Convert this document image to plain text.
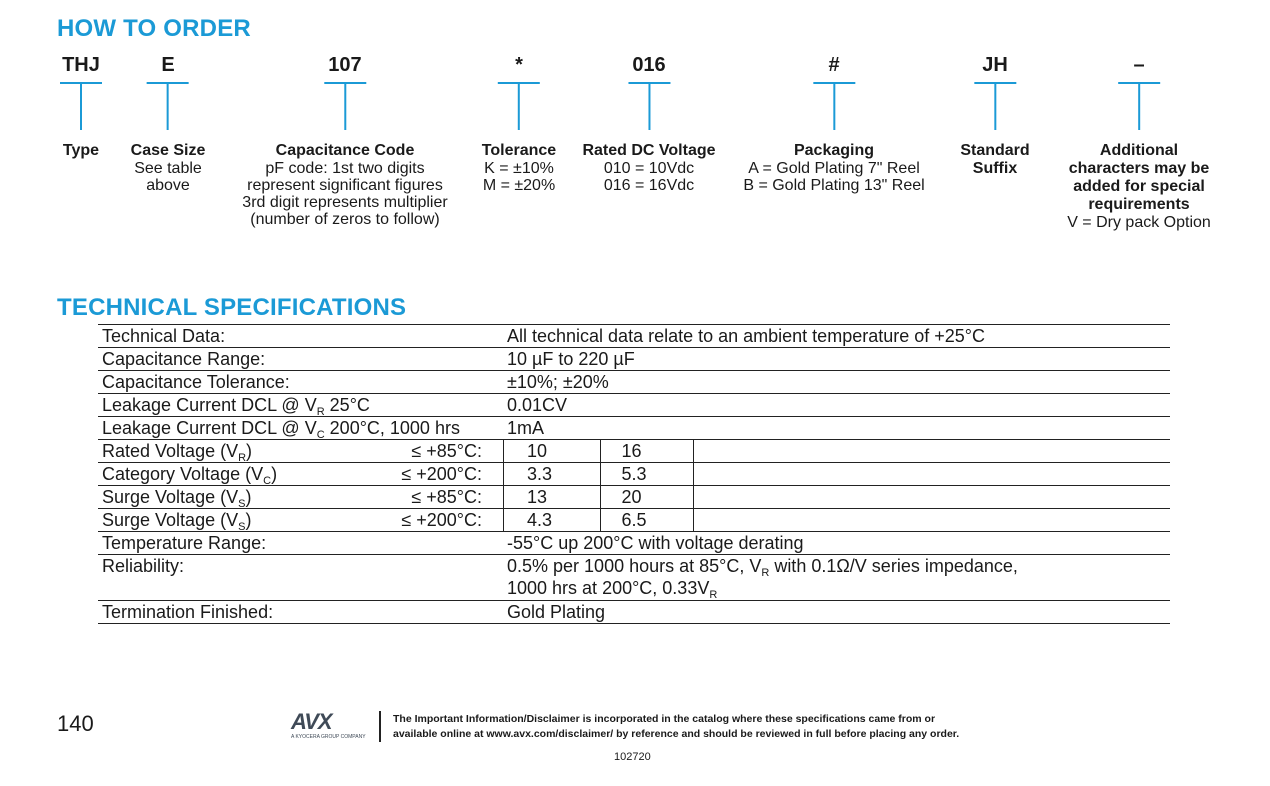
HOW TO ORDER
THJ
Type
E
Case Size
See table
above
107
Capacitance Code
pF code: 1st two digits
represent significant figures
3rd digit represents multiplier
(number of zeros to follow)
*
Tolerance
K = ±10%
M = ±20%
016
Rated DC Voltage
010 = 10Vdc
016 = 16Vdc
#
Packaging
A = Gold Plating 7" Reel
B = Gold Plating 13" Reel
JH
Standard
Suffix
–
Additional
characters may be
added for special
requirements
V = Dry pack Option
TECHNICAL SPECIFICATIONS
Technical Data:	All technical data relate to an ambient temperature of +25°C
Capacitance Range:	10 µF to 220 µF
Capacitance Tolerance:	±10%; ±20%
Leakage Current DCL @ $V_R$ 25°C	0.01CV
Leakage Current DCL @ $V_C$ 200°C, 1000 hrs	1mA
Rated Voltage $(V_R)$	≤ +85°C:	10	16
Category Voltage $(V_C)$	≤ +200°C:	3.3	5.3
Surge Voltage $(V_S)$	≤ +85°C:	13	20
Surge Voltage $(V_S)$	≤ +200°C:	4.3	6.5
Temperature Range:	-55°C up 200°C with voltage derating
Reliability:	0.5% per 1000 hours at 85°C, $V_R$ with 0.1Ω/V series impedance,
1000 hrs at 200°C, $0.33V_R$
Termination Finished:	Gold Plating
140	AVX
A KYOCERA GROUP COMPANY
The Important Information/Disclaimer is incorporated in the catalog where these specifications came from or
available online at www.avx.com/disclaimer/ by reference and should be reviewed in full before placing any order.
102720
